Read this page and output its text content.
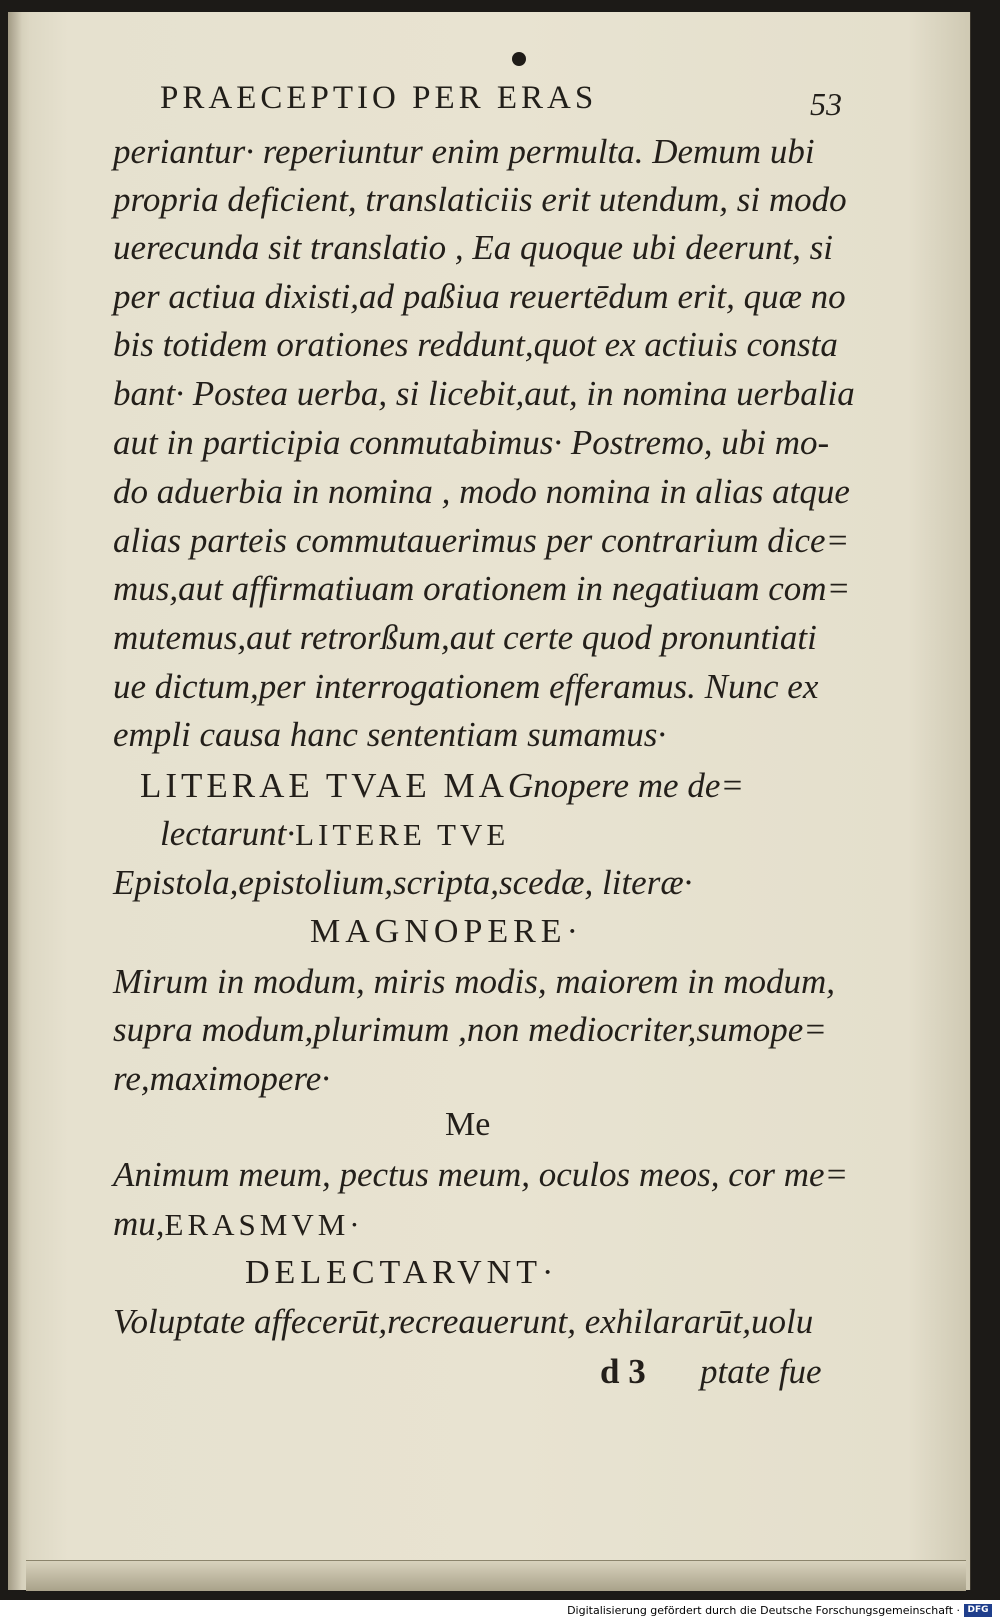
PRAECEPTIO PER ERAS	53
periantur· reperiuntur enim permulta. Demum ubi
propria deficient, translaticiis erit utendum, si modo
uerecunda sit translatio , Ea quoque ubi deerunt, si
per actiua dixisti,ad paßiua reuertēdum erit, quæ no
bis totidem orationes reddunt,quot ex actiuis consta
bant· Postea uerba, si licebit,aut, in nomina uerbalia
aut in participia conmutabimus· Postremo, ubi mo-
do aduerbia in nomina , modo nomina in alias atque
alias parteis commutauerimus per contrarium dice=
mus,aut affirmatiuam orationem in negatiuam com=
mutemus,aut retrorßum,aut certe quod pronuntiati
ue dictum,per interrogationem efferamus. Nunc ex
empli causa hanc sententiam sumamus·
LITERAE TVAE MAGnopere me de=
lectarunt·LITERE TVE
Epistola,epistolium,scripta,scedæ, literæ·
MAGNOPERE·
Mirum in modum, miris modis, maiorem in modum,
supra modum,plurimum ,non mediocriter,sumope=
re,maximopere·
Me
Animum meum, pectus meum, oculos meos, cor me=
mu,ERASMVM·
DELECTARVNT·
Voluptate affecerūt,recreauerunt, exhilararūt,uolu
d 3 ptate fue
Digitalisierung gefördert durch die Deutsche Forschungsgemeinschaft · DFG
